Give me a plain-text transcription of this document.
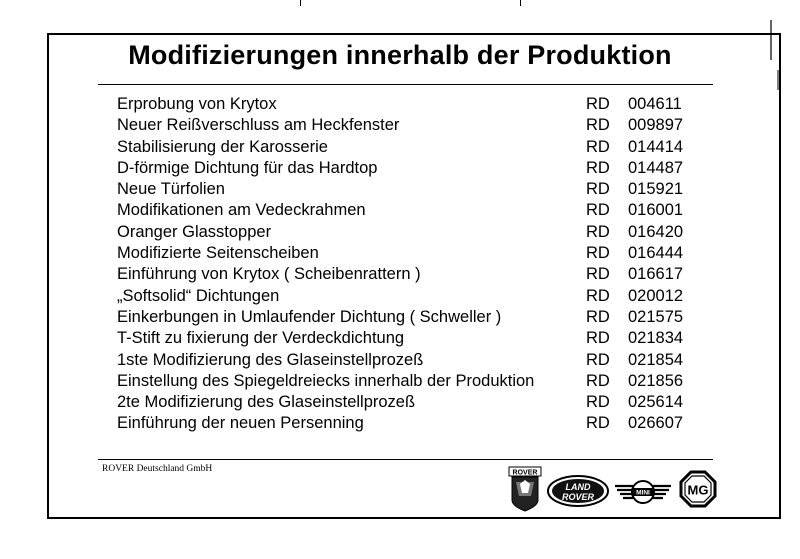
Modifizierungen innerhalb der Produktion
Erprobung von Krytox	RD 004611
Neuer Reißverschluss am Heckfenster	RD 009897
Stabilisierung der Karosserie	RD 014414
D-förmige Dichtung für das Hardtop	RD 014487
Neue Türfolien	RD 015921
Modifikationen am Vedeckrahmen	RD 016001
Oranger Glasstopper	RD 016420
Modifizierte Seitenscheiben	RD 016444
Einführung von Krytox ( Scheibenrattern )	RD 016617
„Softsolid“ Dichtungen	RD 020012
Einkerbungen in Umlaufender Dichtung ( Schweller )	RD 021575
T-Stift zu fixierung der Verdeckdichtung	RD 021834
1ste Modifizierung des Glaseinstellprozeß	RD 021854
Einstellung des Spiegeldreiecks innerhalb der Produktion	RD 021856
2te Modifizierung des Glaseinstellprozeß	RD 025614
Einführung der neuen Persenning	RD 026607
ROVER Deutschland GmbH	ROVER
LAND
ROVER	MINI	MG
